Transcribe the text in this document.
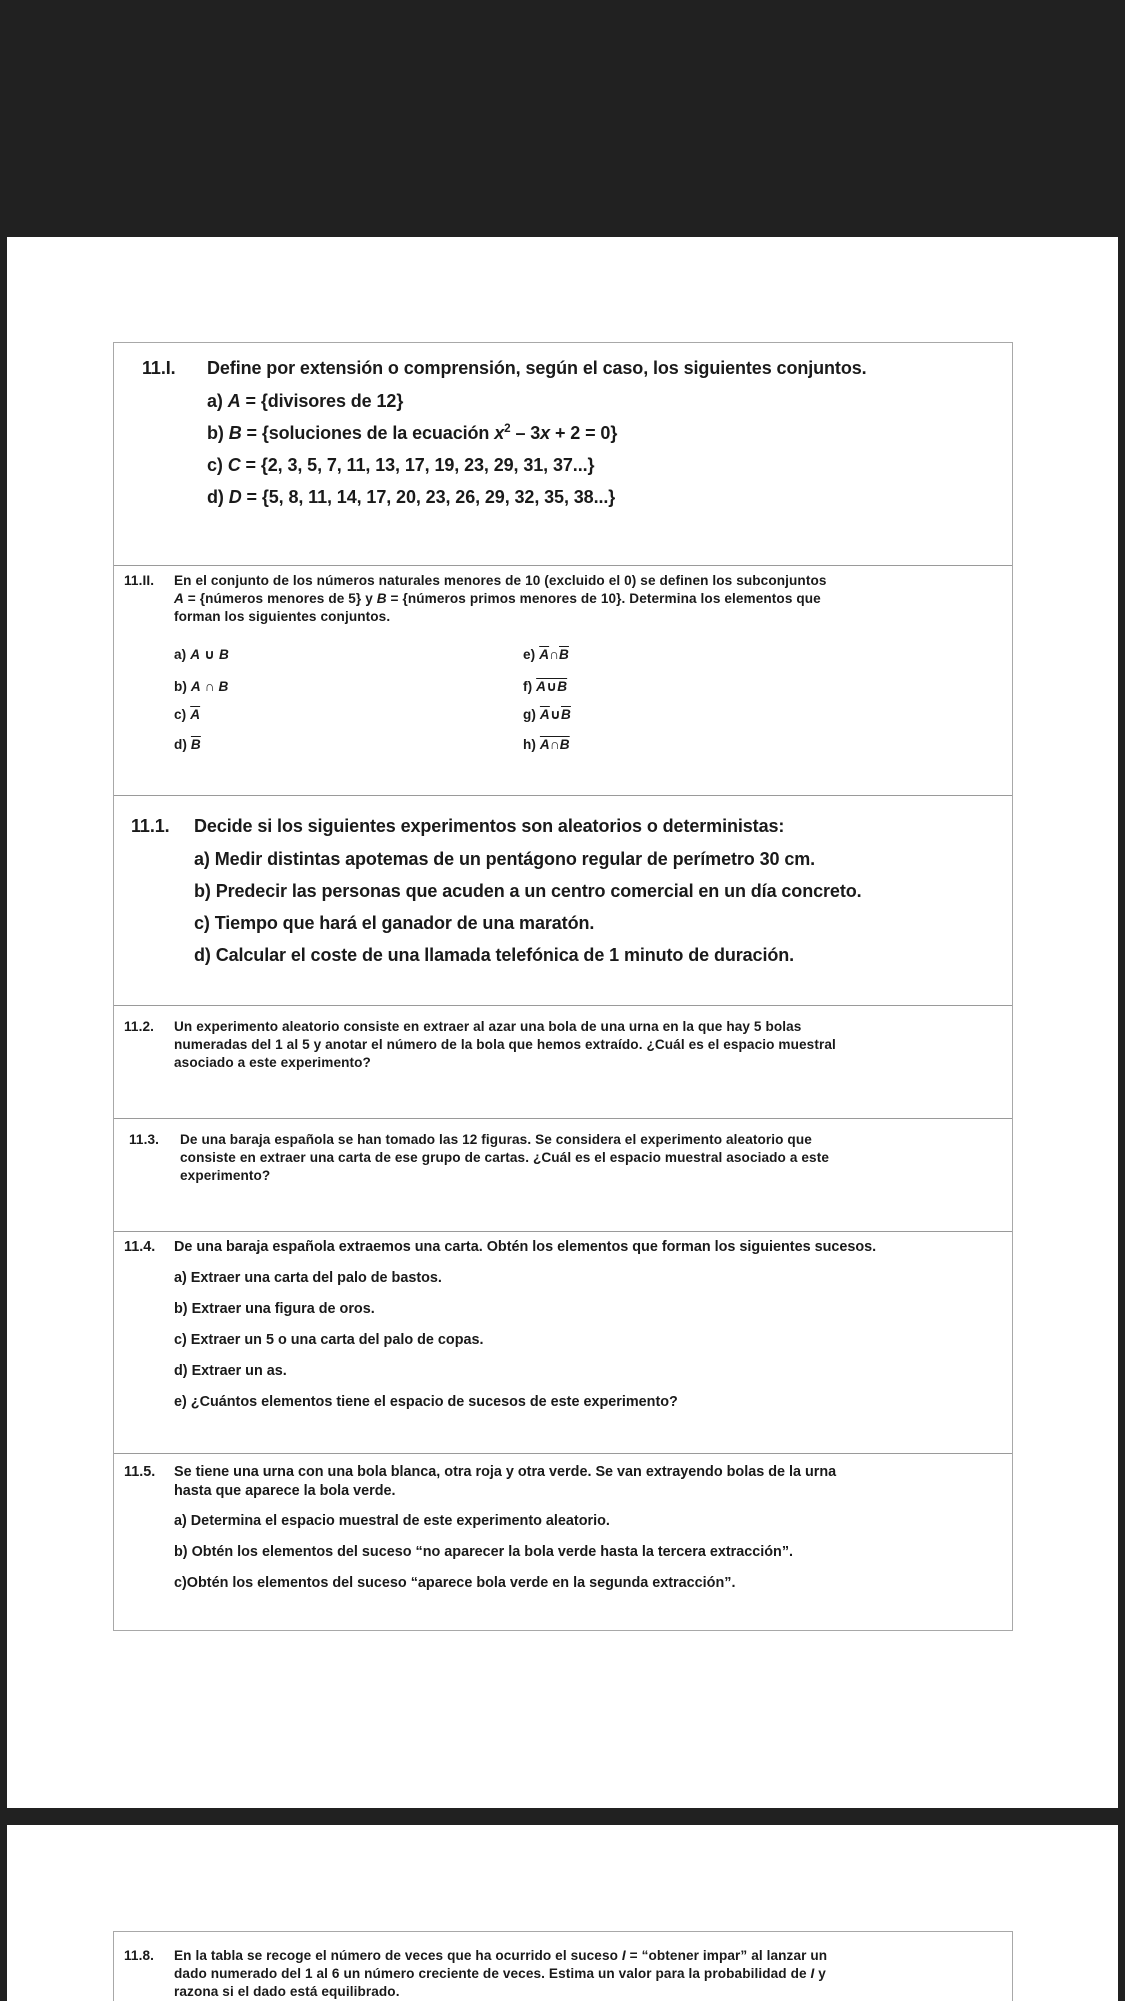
11.I. Define por extensión o comprensión, según el caso, los siguientes conjuntos.
a) A = {divisores de 12}
b) B = {soluciones de la ecuación $x^2 - 3x + 2 = 0$}
c) C = {2, 3, 5, 7, 11, 13, 17, 19, 23, 29, 31, 37...}
d) D = {5, 8, 11, 14, 17, 20, 23, 26, 29, 32, 35, 38...}
11.II. En el conjunto de los números naturales menores de 10 (excluido el 0) se definen los subconjuntos
A = {números menores de 5} y B = {números primos menores de 10}. Determina los elementos que
forman los siguientes conjuntos.
a) A ∪ B
b) A ∩ B
c) $\overline{A}$
d) $\overline{B}$
e) $\overline{A}\cap\overline{B}$
f) A∪B
g) $\overline{A}\cup\overline{B}$
h) A∩B
11.1. Decide si los siguientes experimentos son aleatorios o deterministas:
a) Medir distintas apotemas de un pentágono regular de perímetro 30 cm.
b) Predecir las personas que acuden a un centro comercial en un día concreto.
c) Tiempo que hará el ganador de una maratón.
d) Calcular el coste de una llamada telefónica de 1 minuto de duración.
11.2. Un experimento aleatorio consiste en extraer al azar una bola de una urna en la que hay 5 bolas
numeradas del 1 al 5 y anotar el número de la bola que hemos extraído. ¿Cuál es el espacio muestral
asociado a este experimento?
11.3. De una baraja española se han tomado las 12 figuras. Se considera el experimento aleatorio que
consiste en extraer una carta de ese grupo de cartas. ¿Cuál es el espacio muestral asociado a este
experimento?
11.4. De una baraja española extraemos una carta. Obtén los elementos que forman los siguientes sucesos.
a) Extraer una carta del palo de bastos.
b) Extraer una figura de oros.
c) Extraer un 5 o una carta del palo de copas.
d) Extraer un as.
e) ¿Cuántos elementos tiene el espacio de sucesos de este experimento?
11.5. Se tiene una urna con una bola blanca, otra roja y otra verde. Se van extrayendo bolas de la urna
hasta que aparece la bola verde.
a) Determina el espacio muestral de este experimento aleatorio.
b) Obtén los elementos del suceso “no aparecer la bola verde hasta la tercera extracción”.
c)Obtén los elementos del suceso “aparece bola verde en la segunda extracción”.
11.8. En la tabla se recoge el número de veces que ha ocurrido el suceso I = “obtener impar” al lanzar un
dado numerado del 1 al 6 un número creciente de veces. Estima un valor para la probabilidad de I y
razona si el dado está equilibrado.
